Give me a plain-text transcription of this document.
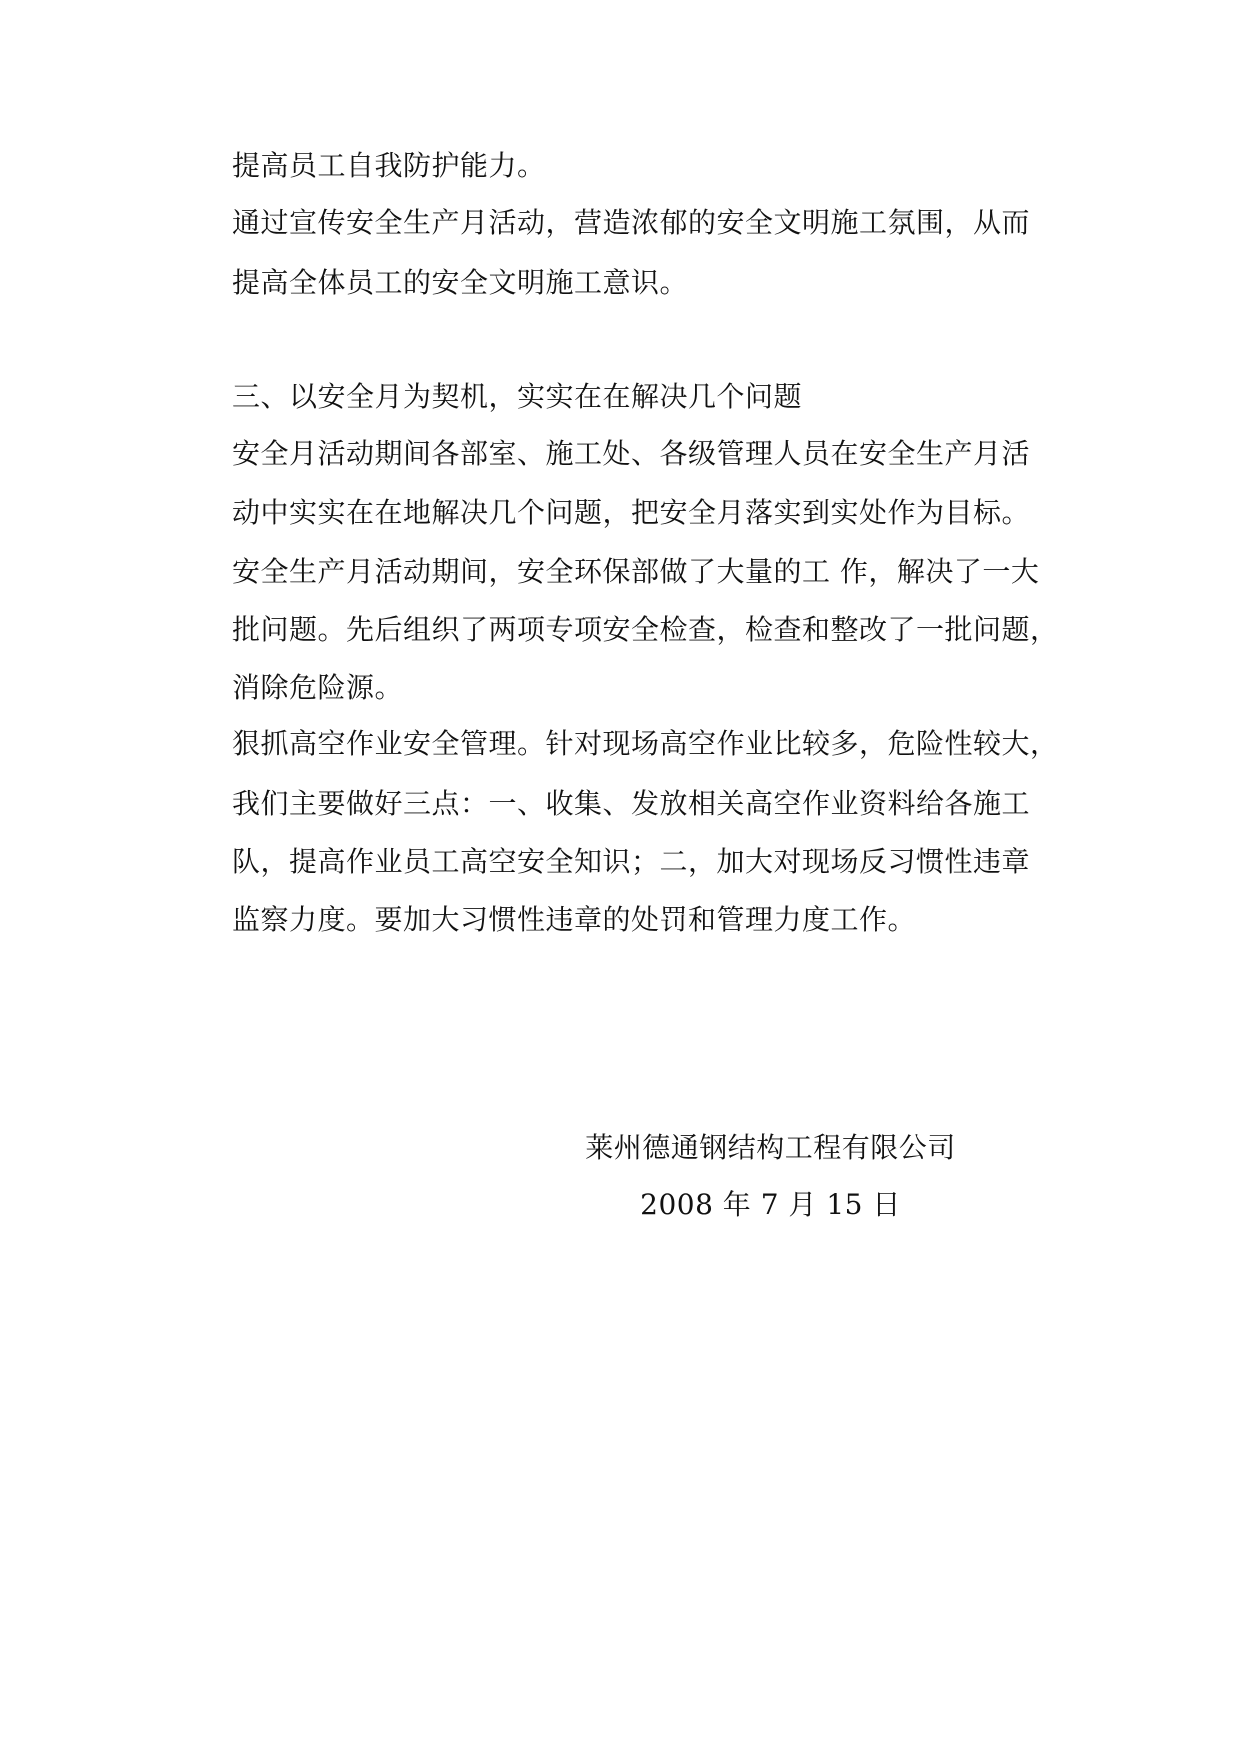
提高员工自我防护能力。
通过宣传安全生产月活动，营造浓郁的安全文明施工氛围，从而
提高全体员工的安全文明施工意识。
三、以安全月为契机，实实在在解决几个问题
安全月活动期间各部室、施工处、各级管理人员在安全生产月活
动中实实在在地解决几个问题，把安全月落实到实处作为目标。
安全生产月活动期间，安全环保部做了大量的工 作，解决了一大
批问题。先后组织了两项专项安全检查，检查和整改了一批问题，
消除危险源。
狠抓高空作业安全管理。针对现场高空作业比较多，危险性较大，
我们主要做好三点：一、收集、发放相关高空作业资料给各施工
队，提高作业员工高空安全知识；二，加大对现场反习惯性违章
监察力度。要加大习惯性违章的处罚和管理力度工作。
莱州德通钢结构工程有限公司
2008 年 7 月 15 日
